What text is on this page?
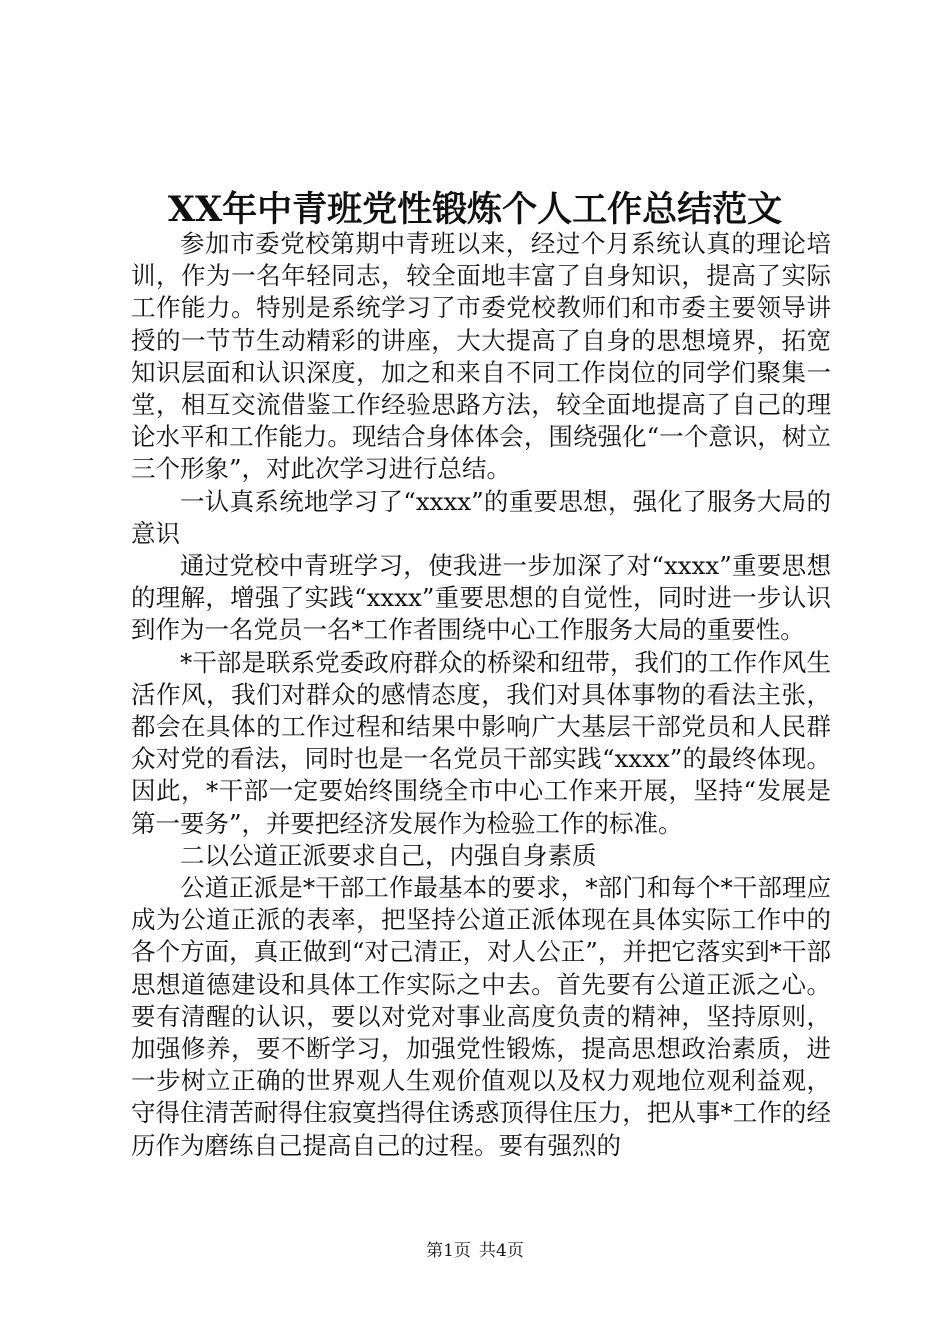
XX年中青班党性锻炼个人工作总结范文

参加市委党校第期中青班以来，经过个月系统认真的理论培训，作为一名年轻同志，较全面地丰富了自身知识，提高了实际工作能力。特别是系统学习了市委党校教师们和市委主要领导讲授的一节节生动精彩的讲座，大大提高了自身的思想境界，拓宽知识层面和认识深度，加之和来自不同工作岗位的同学们聚集一堂，相互交流借鉴工作经验思路方法，较全面地提高了自己的理论水平和工作能力。现结合身体体会，围绕强化“一个意识，树立三个形象”，对此次学习进行总结。

一认真系统地学习了“xxxx”的重要思想，强化了服务大局的意识

通过党校中青班学习，使我进一步加深了对“xxxx”重要思想的理解，增强了实践“xxxx”重要思想的自觉性，同时进一步认识到作为一名党员一名*工作者围绕中心工作服务大局的重要性。

*干部是联系党委政府群众的桥梁和纽带，我们的工作作风生活作风，我们对群众的感情态度，我们对具体事物的看法主张，都会在具体的工作过程和结果中影响广大基层干部党员和人民群众对党的看法，同时也是一名党员干部实践“xxxx”的最终体现。因此，*干部一定要始终围绕全市中心工作来开展，坚持“发展是第一要务”，并要把经济发展作为检验工作的标准。

二以公道正派要求自己，内强自身素质

公道正派是*干部工作最基本的要求，*部门和每个*干部理应成为公道正派的表率，把坚持公道正派体现在具体实际工作中的各个方面，真正做到“对己清正，对人公正”，并把它落实到*干部思想道德建设和具体工作实际之中去。首先要有公道正派之心。要有清醒的认识，要以对党对事业高度负责的精神，坚持原则，加强修养，要不断学习，加强党性锻炼，提高思想政治素质，进一步树立正确的世界观人生观价值观以及权力观地位观利益观，守得住清苦耐得住寂寞挡得住诱惑顶得住压力，把从事*工作的经历作为磨练自己提高自己的过程。要有强烈的

第1页 共4页
